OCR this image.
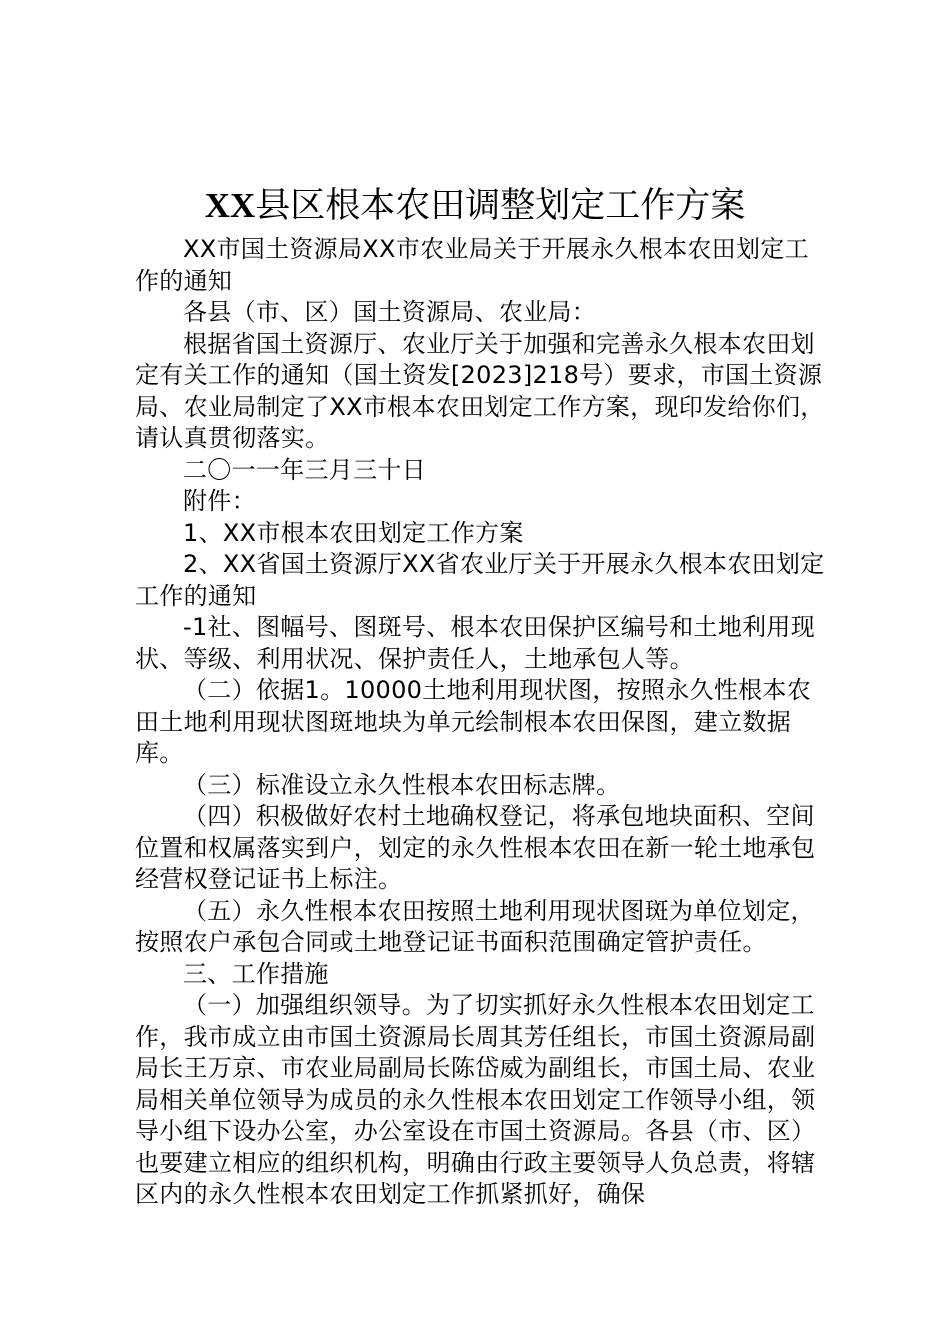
XX县区根本农田调整划定工作方案

XX市国土资源局XX市农业局关于开展永久根本农田划定工作的通知

各县（市、区）国土资源局、农业局：

根据省国土资源厅、农业厅关于加强和完善永久根本农田划定有关工作的通知（国土资发[2023]218号）要求，市国土资源局、农业局制定了XX市根本农田划定工作方案，现印发给你们，请认真贯彻落实。

二〇一一年三月三十日

附件：

1、XX市根本农田划定工作方案

2、XX省国土资源厅XX省农业厅关于开展永久根本农田划定工作的通知

-1社、图幅号、图斑号、根本农田保护区编号和土地利用现状、等级、利用状况、保护责任人，土地承包人等。

（二）依据1。10000土地利用现状图，按照永久性根本农田土地利用现状图斑地块为单元绘制根本农田保图，建立数据库。

（三）标准设立永久性根本农田标志牌。

（四）积极做好农村土地确权登记，将承包地块面积、空间位置和权属落实到户，划定的永久性根本农田在新一轮土地承包经营权登记证书上标注。

（五）永久性根本农田按照土地利用现状图斑为单位划定，按照农户承包合同或土地登记证书面积范围确定管护责任。

三、工作措施

（一）加强组织领导。为了切实抓好永久性根本农田划定工作，我市成立由市国土资源局长周其芳任组长，市国土资源局副局长王万京、市农业局副局长陈岱威为副组长，市国土局、农业局相关单位领导为成员的永久性根本农田划定工作领导小组，领导小组下设办公室，办公室设在市国土资源局。各县（市、区）也要建立相应的组织机构，明确由行政主要领导人负总责，将辖区内的永久性根本农田划定工作抓紧抓好，确保
